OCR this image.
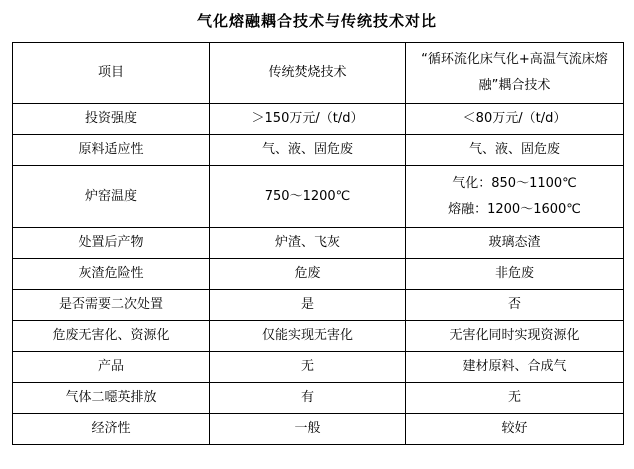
气化熔融耦合技术与传统技术对比
项目	传统焚烧技术	“循环流化床气化+高温气流床熔
融”耦合技术

投资强度	＞150万元/（t/d）	＜80万元/（t/d）
原料适应性	气、液、固危废	气、液、固危废
炉窑温度	750～1200℃	气化：850～1100℃
熔融：1200～1600℃

处置后产物	炉渣、飞灰	玻璃态渣
灰渣危险性	危废	非危废
是否需要二次处置	是	否
危废无害化、资源化	仅能实现无害化	无害化同时实现资源化
产品	无	建材原料、合成气
气体二噁英排放	有	无
经济性	一般	较好
